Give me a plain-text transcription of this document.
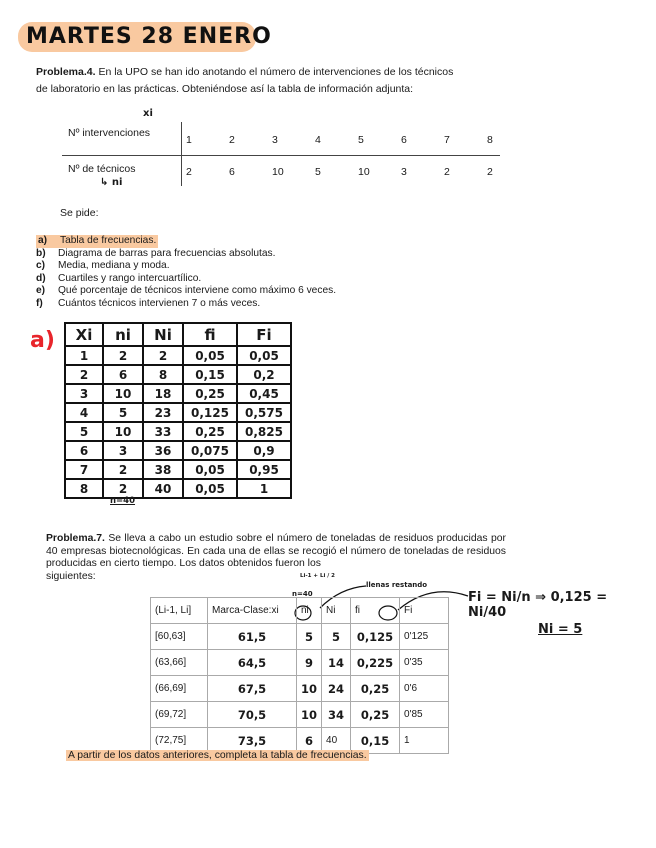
MARTES 28 ENERO
Problema.4. En la UPO se han ido anotando el número de intervenciones de los técnicos
de laboratorio en las prácticas. Obteniéndose así la tabla de información adjunta:
xi
Nº intervenciones
Nº de técnicos
↳ ni
1	2	3	4	5	6	7	8
2	6	10	5	10	3	2	2
Se pide:
a) Tabla de frecuencias.
b) Diagrama de barras para frecuencias absolutas.
c) Media, mediana y moda.
d) Cuartiles y rango intercuartílico.
e) Qué porcentaje de técnicos interviene como máximo 6 veces.
f) Cuántos técnicos intervienen 7 o más veces.
a) Xi	ni	Ni	fi	Fi
1	2	2	0,05	0,05
2	6	8	0,15	0,2
3	10	18	0,25	0,45
4	5	23	0,125	0,575
5	10	33	0,25	0,825
6	3	36	0,075	0,9
7	2	38	0,05	0,95
8	2	40	0,05	1
n=40
Problema.7. Se lleva a cabo un estudio sobre el número de toneladas de residuos producidas por 40 empresas biotecnológicas. En cada una de ellas se recogió el número de toneladas de residuos producidas en cierto tiempo. Los datos obtenidos fueron los
siguientes:	Li-1 + Li / 2
n=40
llenas restando
(Li-1, Li]	Marca-Clase:xi	ni	Ni	fi	Fi
[60,63]	61,5	5	5	0,125	0'125
(63,66]	64,5	9	14	0,225	0'35
(66,69]	67,5	10	24	0,25	0'6
(69,72]	70,5	10	34	0,25	0'85
(72,75]	73,5	6	40	0,15	1
Fi = Ni/n ⇒ 0,125 = Ni/40
Ni = 5
A partir de los datos anteriores, completa la tabla de frecuencias.
